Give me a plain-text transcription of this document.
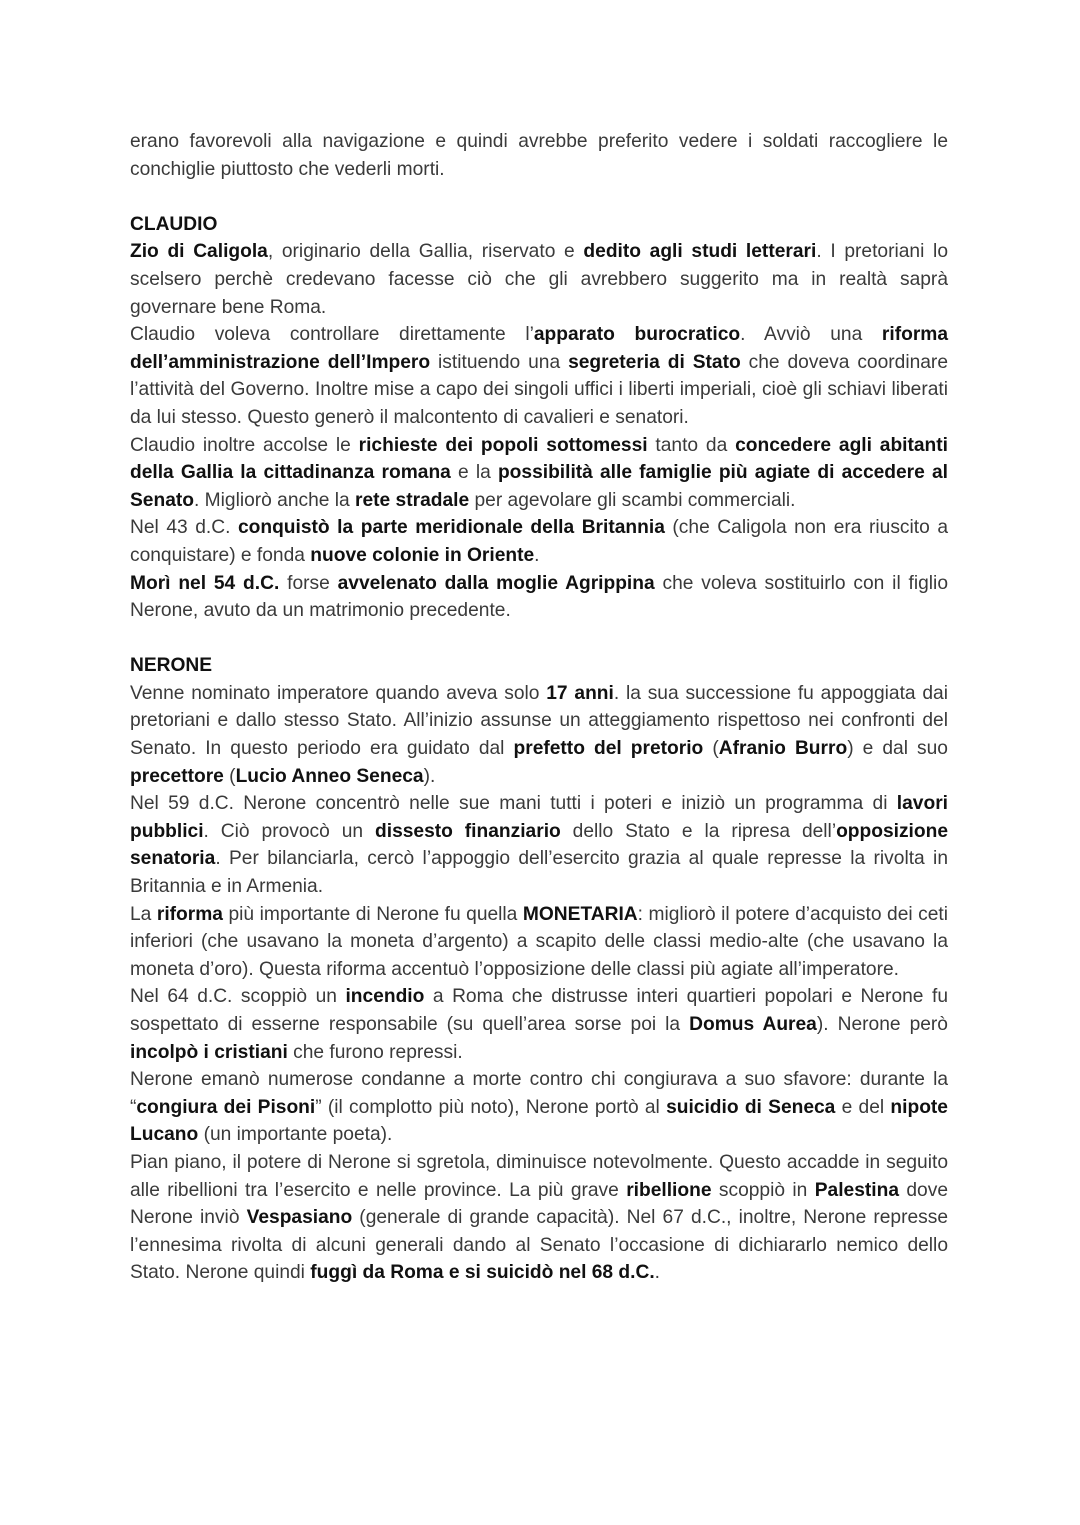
erano favorevoli alla navigazione e quindi avrebbe preferito vedere i soldati raccogliere le conchiglie piuttosto che vederli morti.

CLAUDIO

Zio di Caligola, originario della Gallia, riservato e dedito agli studi letterari. I pretoriani lo scelsero perchè credevano facesse ciò che gli avrebbero suggerito ma in realtà saprà governare bene Roma.

Claudio voleva controllare direttamente l’apparato burocratico. Avviò una riforma dell’amministrazione dell’Impero istituendo una segreteria di Stato che doveva coordinare l’attività del Governo. Inoltre mise a capo dei singoli uffici i liberti imperiali, cioè gli schiavi liberati da lui stesso. Questo generò il malcontento di cavalieri e senatori.

Claudio inoltre accolse le richieste dei popoli sottomessi tanto da concedere agli abitanti della Gallia la cittadinanza romana e la possibilità alle famiglie più agiate di accedere al Senato. Migliorò anche la rete stradale per agevolare gli scambi commerciali.

Nel 43 d.C. conquistò la parte meridionale della Britannia (che Caligola non era riuscito a conquistare) e fonda nuove colonie in Oriente.

Morì nel 54 d.C. forse avvelenato dalla moglie Agrippina che voleva sostituirlo con il figlio Nerone, avuto da un matrimonio precedente.

NERONE

Venne nominato imperatore quando aveva solo 17 anni. la sua successione fu appoggiata dai pretoriani e dallo stesso Stato. All’inizio assunse un atteggiamento rispettoso nei confronti del Senato. In questo periodo era guidato dal prefetto del pretorio (Afranio Burro) e dal suo precettore (Lucio Anneo Seneca).

Nel 59 d.C. Nerone concentrò nelle sue mani tutti i poteri e iniziò un programma di lavori pubblici. Ciò provocò un dissesto finanziario dello Stato e la ripresa dell’opposizione senatoria. Per bilanciarla, cercò l’appoggio dell’esercito grazia al quale represse la rivolta in Britannia e in Armenia.

La riforma più importante di Nerone fu quella MONETARIA: migliorò il potere d’acquisto dei ceti inferiori (che usavano la moneta d’argento) a scapito delle classi medio-alte (che usavano la moneta d’oro). Questa riforma accentuò l’opposizione delle classi più agiate all’imperatore.

Nel 64 d.C. scoppiò un incendio a Roma che distrusse interi quartieri popolari e Nerone fu sospettato di esserne responsabile (su quell’area sorse poi la Domus Aurea). Nerone però incolpò i cristiani che furono repressi.

Nerone emanò numerose condanne a morte contro chi congiurava a suo sfavore: durante la “congiura dei Pisoni” (il complotto più noto), Nerone portò al suicidio di Seneca e del nipote Lucano (un importante poeta).

Pian piano, il potere di Nerone si sgretola, diminuisce notevolmente. Questo accadde in seguito alle ribellioni tra l’esercito e nelle province. La più grave ribellione scoppiò in Palestina dove Nerone inviò Vespasiano (generale di grande capacità). Nel 67 d.C., inoltre, Nerone represse l’ennesima rivolta di alcuni generali dando al Senato l’occasione di dichiararlo nemico dello Stato. Nerone quindi fuggì da Roma e si suicidò nel 68 d.C..
